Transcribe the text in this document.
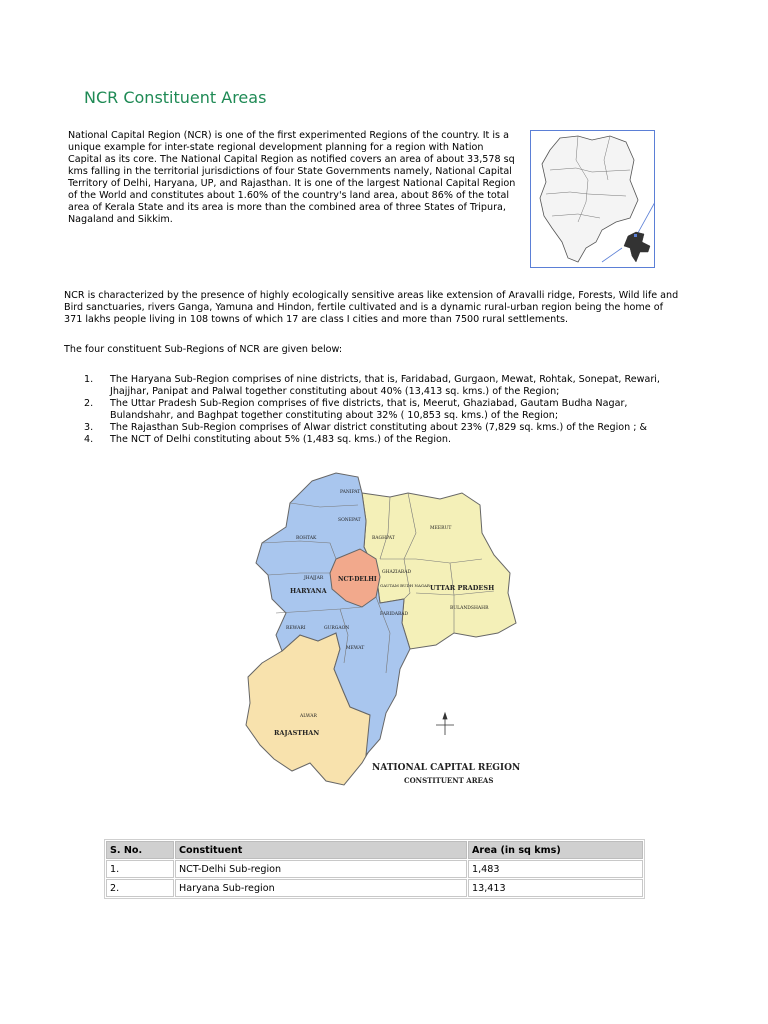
NCR Constituent Areas

National Capital Region (NCR) is one of the first experimented Regions of the country. It is a unique example for inter-state regional development planning for a region with Nation Capital as its core. The National Capital Region as notified covers an area of about 33,578 sq kms falling in the territorial jurisdictions of four State Governments namely, National Capital Territory of Delhi, Haryana, UP, and Rajasthan. It is one of the largest National Capital Region of the World and constitutes about 1.60% of the country's land area, about 86% of the total area of Kerala State and its area is more than the combined area of three States of Tripura, Nagaland and Sikkim.

NCR is characterized by the presence of highly ecologically sensitive areas like extension of Aravalli ridge, Forests, Wild life and Bird sanctuaries, rivers Ganga, Yamuna and Hindon, fertile cultivated and is a dynamic rural-urban region being the home of 371 lakhs people living in 108 towns of which 17 are class I cities and more than 7500 rural settlements.

The four constituent Sub-Regions of NCR are given below:

1. The Haryana Sub-Region comprises of nine districts, that is, Faridabad, Gurgaon, Mewat, Rohtak, Sonepat, Rewari, Jhajjhar, Panipat and Palwal together constituting about 40% (13,413 sq. kms.) of the Region;
2. The Uttar Pradesh Sub-Region comprises of five districts, that is, Meerut, Ghaziabad, Gautam Budha Nagar, Bulandshahr, and Baghpat together constituting about 32% ( 10,853 sq. kms.) of the Region;
3. The Rajasthan Sub-Region comprises of Alwar district constituting about 23% (7,829 sq. kms.) of the Region ; &
4. The NCT of Delhi constituting about 5% (1,483 sq. kms.) of the Region.
PANIPAT
SONEPAT
ROHTAK
JHAJJAR
GURGAON
REWARI
MEWAT
FARIDABAD
BAGHPAT
MEERUT
GHAZIABAD
GAUTAM BUDH NAGAR
BULANDSHAHR
ALWAR
HARYANA
NCT-DELHI
UTTAR PRADESH
RAJASTHAN
NATIONAL CAPITAL REGION
CONSTITUENT AREAS
S. No.	Constituent	Area (in sq kms)
1.	NCT-Delhi Sub-region	1,483
2.	Haryana Sub-region	13,413
